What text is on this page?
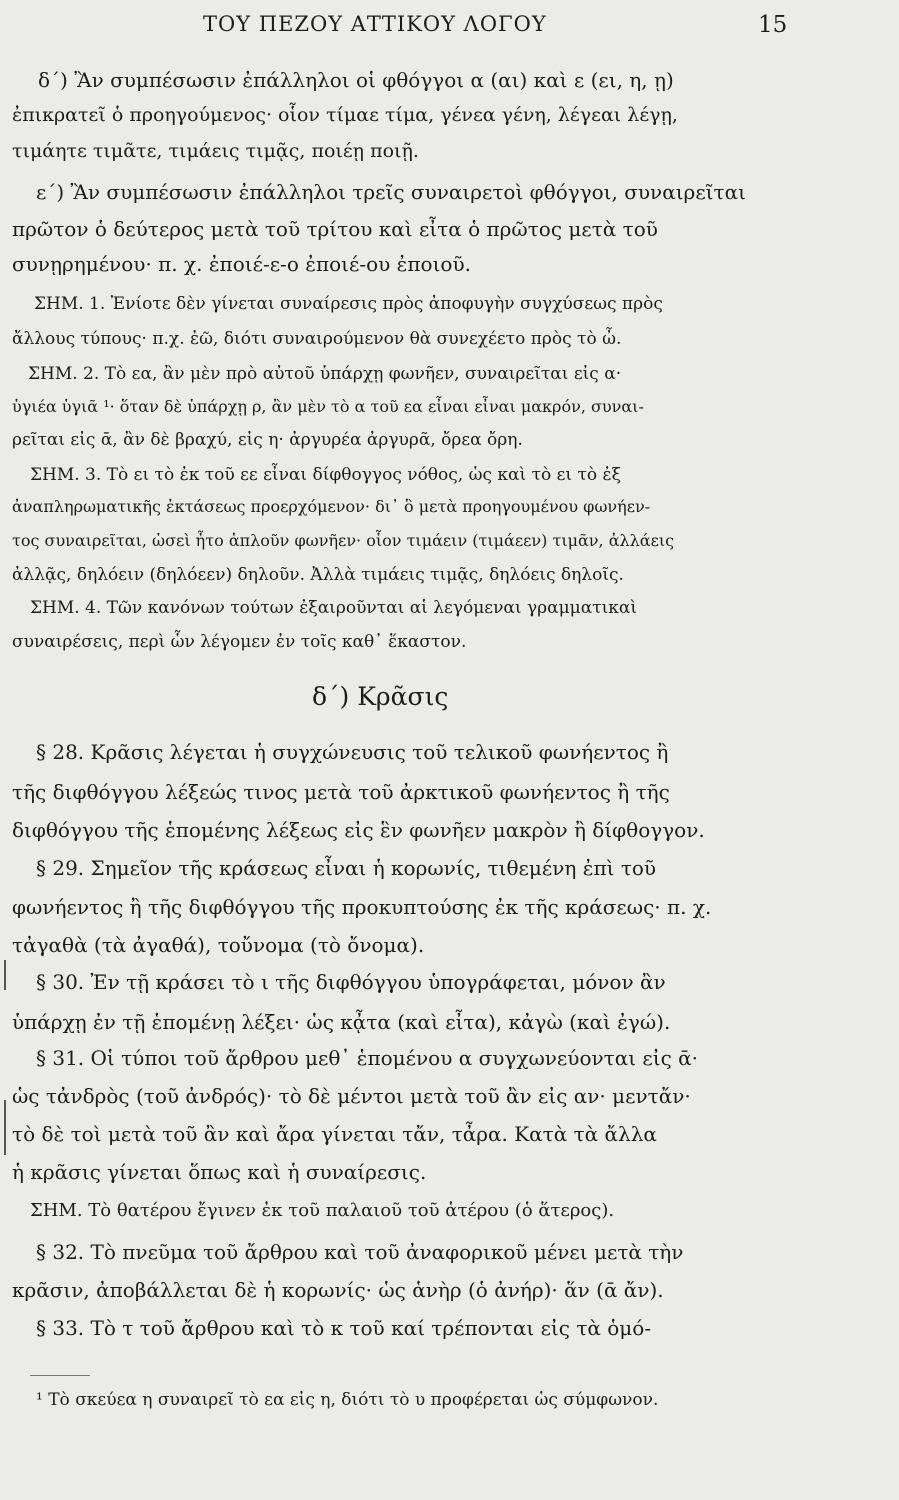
ΤΟΥ ΠΕΖΟΥ ΑΤΤΙΚΟΥ ΛΟΓΟΥ	15
δ΄) Ἂν συμπέσωσιν ἐπάλληλοι οἱ φθόγγοι α (αι) καὶ ε (ει, η, ῃ)
ἐπικρατεῖ ὁ προηγούμενος· οἷον τίμαε τίμα, γένεα γένη, λέγεαι λέγῃ,
τιμάητε τιμᾶτε, τιμάεις τιμᾷς, ποιέῃ ποιῇ.
ε΄) Ἂν συμπέσωσιν ἐπάλληλοι τρεῖς συναιρετοὶ φθόγγοι, συναιρεῖται
πρῶτον ὁ δεύτερος μετὰ τοῦ τρίτου καὶ εἶτα ὁ πρῶτος μετὰ τοῦ
συνῃρημένου· π. χ. ἐποιέ-ε-ο ἐποιέ-ου ἐποιοῦ.
ΣΗΜ. 1. Ἐνίοτε δὲν γίνεται συναίρεσις πρὸς ἀποφυγὴν συγχύσεως πρὸς
ἄλλους τύπους· π.χ. ἐῶ, διότι συναιρούμενον θὰ συνεχέετο πρὸς τὸ ὦ.
ΣΗΜ. 2. Τὸ εα, ἂν μὲν πρὸ αὐτοῦ ὑπάρχῃ φωνῆεν, συναιρεῖται εἰς α·
ὑγιέα ὑγιᾶ ¹· ὅταν δὲ ὑπάρχῃ ρ, ἂν μὲν τὸ α τοῦ εα εἶναι εἶναι μακρόν, συναι-
ρεῖται εἰς ᾱ, ἂν δὲ βραχύ, εἰς η· ἀργυρέα ἀργυρᾶ, ὄρεα ὄρη.
ΣΗΜ. 3. Τὸ ει τὸ ἐκ τοῦ εε εἶναι δίφθογγος νόθος, ὡς καὶ τὸ ει τὸ ἐξ
ἀναπληρωματικῆς ἐκτάσεως προερχόμενον· δι᾽ ὃ μετὰ προηγουμένου φωνήεν-
τος συναιρεῖται, ὡσεὶ ἦτο ἁπλοῦν φωνῆεν· οἷον τιμάειν (τιμάεεν) τιμᾶν, ἀλλάεις
ἀλλᾷς, δηλόειν (δηλόεεν) δηλοῦν. Ἀλλὰ τιμάεις τιμᾷς, δηλόεις δηλοῖς.
ΣΗΜ. 4. Τῶν κανόνων τούτων ἐξαιροῦνται αἱ λεγόμεναι γραμματικαὶ
συναιρέσεις, περὶ ὧν λέγομεν ἐν τοῖς καθ᾽ ἕκαστον.
δ΄) Κρᾶσις
§ 28. Κρᾶσις λέγεται ἡ συγχώνευσις τοῦ τελικοῦ φωνήεντος ἢ
τῆς διφθόγγου λέξεώς τινος μετὰ τοῦ ἀρκτικοῦ φωνήεντος ἢ τῆς
διφθόγγου τῆς ἑπομένης λέξεως εἰς ἓν φωνῆεν μακρὸν ἢ δίφθογγον.
§ 29. Σημεῖον τῆς κράσεως εἶναι ἡ κορωνίς, τιθεμένη ἐπὶ τοῦ
φωνήεντος ἢ τῆς διφθόγγου τῆς προκυπτούσης ἐκ τῆς κράσεως· π. χ.
τἀγαθὰ (τὰ ἀγαθά), τοὔνομα (τὸ ὄνομα).
§ 30. Ἐν τῇ κράσει τὸ ι τῆς διφθόγγου ὑπογράφεται, μόνον ἂν
ὑπάρχῃ ἐν τῇ ἑπομένῃ λέξει· ὡς κᾆτα (καὶ εἶτα), κἀγὼ (καὶ ἐγώ).
§ 31. Οἱ τύποι τοῦ ἄρθρου μεθ᾽ ἑπομένου α συγχωνεύονται εἰς ᾱ·
ὡς τἀνδρὸς (τοῦ ἀνδρός)· τὸ δὲ μέντοι μετὰ τοῦ ἂν εἰς αν· μεντἄν·
τὸ δὲ τοὶ μετὰ τοῦ ἂν καὶ ἄρα γίνεται τἄν, τἆρα. Κατὰ τὰ ἄλλα
ἡ κρᾶσις γίνεται ὅπως καὶ ἡ συναίρεσις.
ΣΗΜ. Τὸ θατέρου ἔγινεν ἐκ τοῦ παλαιοῦ τοῦ ἁτέρου (ὁ ἅτερος).
§ 32. Τὸ πνεῦμα τοῦ ἄρθρου καὶ τοῦ ἀναφορικοῦ μένει μετὰ τὴν
κρᾶσιν, ἀποβάλλεται δὲ ἡ κορωνίς· ὡς ἁνὴρ (ὁ ἀνήρ)· ἅν (ᾱ ἄν).
§ 33. Τὸ τ τοῦ ἄρθρου καὶ τὸ κ τοῦ καί τρέπονται εἰς τὰ ὁμό-
¹ Τὸ σκεύεα η συναιρεῖ τὸ εα εἰς η, διότι τὸ υ προφέρεται ὡς σύμφωνον.
